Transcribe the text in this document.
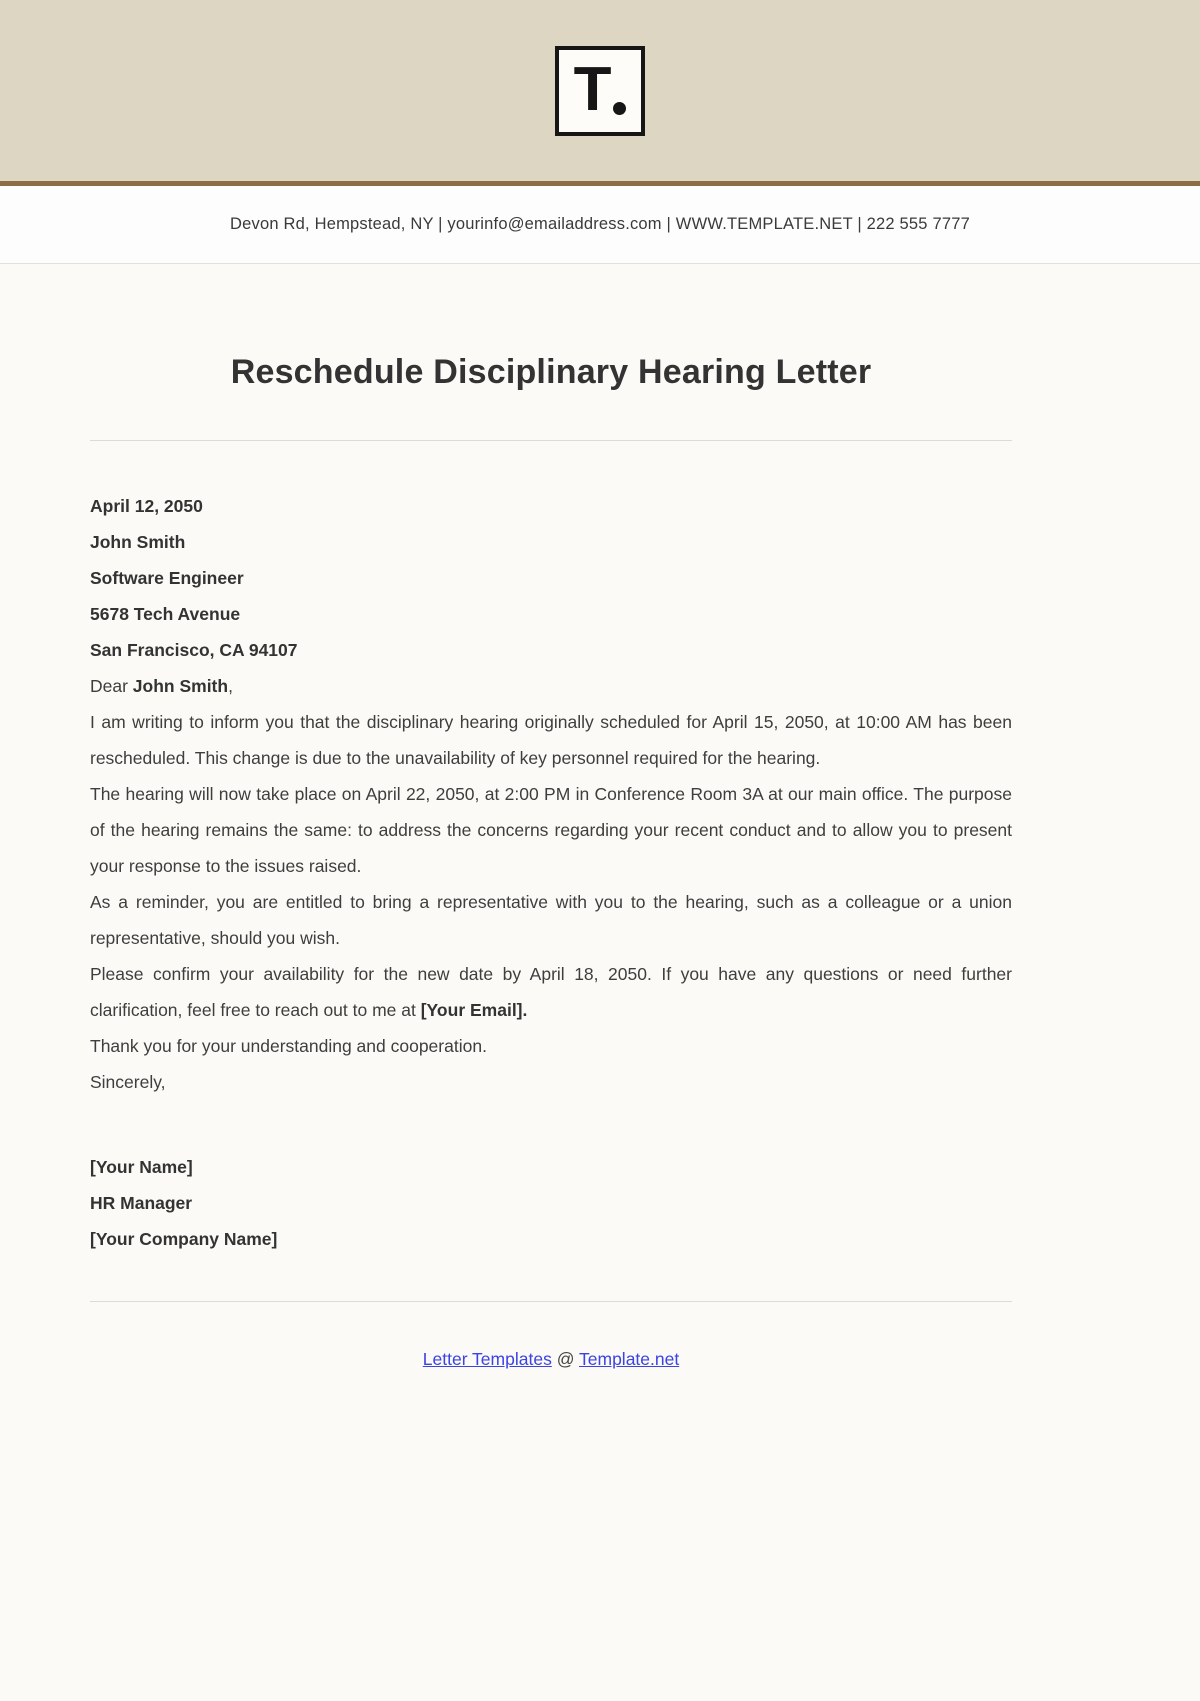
T
Devon Rd, Hempstead, NY | yourinfo@emailaddress.com | WWW.TEMPLATE.NET | 222 555 7777
Reschedule Disciplinary Hearing Letter
April 12, 2050
John Smith
Software Engineer
5678 Tech Avenue
San Francisco, CA 94107

Dear John Smith,

I am writing to inform you that the disciplinary hearing originally scheduled for April 15, 2050, at 10:00 AM has been rescheduled. This change is due to the unavailability of key personnel required for the hearing.

The hearing will now take place on April 22, 2050, at 2:00 PM in Conference Room 3A at our main office. The purpose of the hearing remains the same: to address the concerns regarding your recent conduct and to allow you to present your response to the issues raised.

As a reminder, you are entitled to bring a representative with you to the hearing, such as a colleague or a union representative, should you wish.

Please confirm your availability for the new date by April 18, 2050. If you have any questions or need further clarification, feel free to reach out to me at [Your Email].

Thank you for your understanding and cooperation.

Sincerely,

[Your Name]
HR Manager
[Your Company Name]
Letter Templates @ Template.net
